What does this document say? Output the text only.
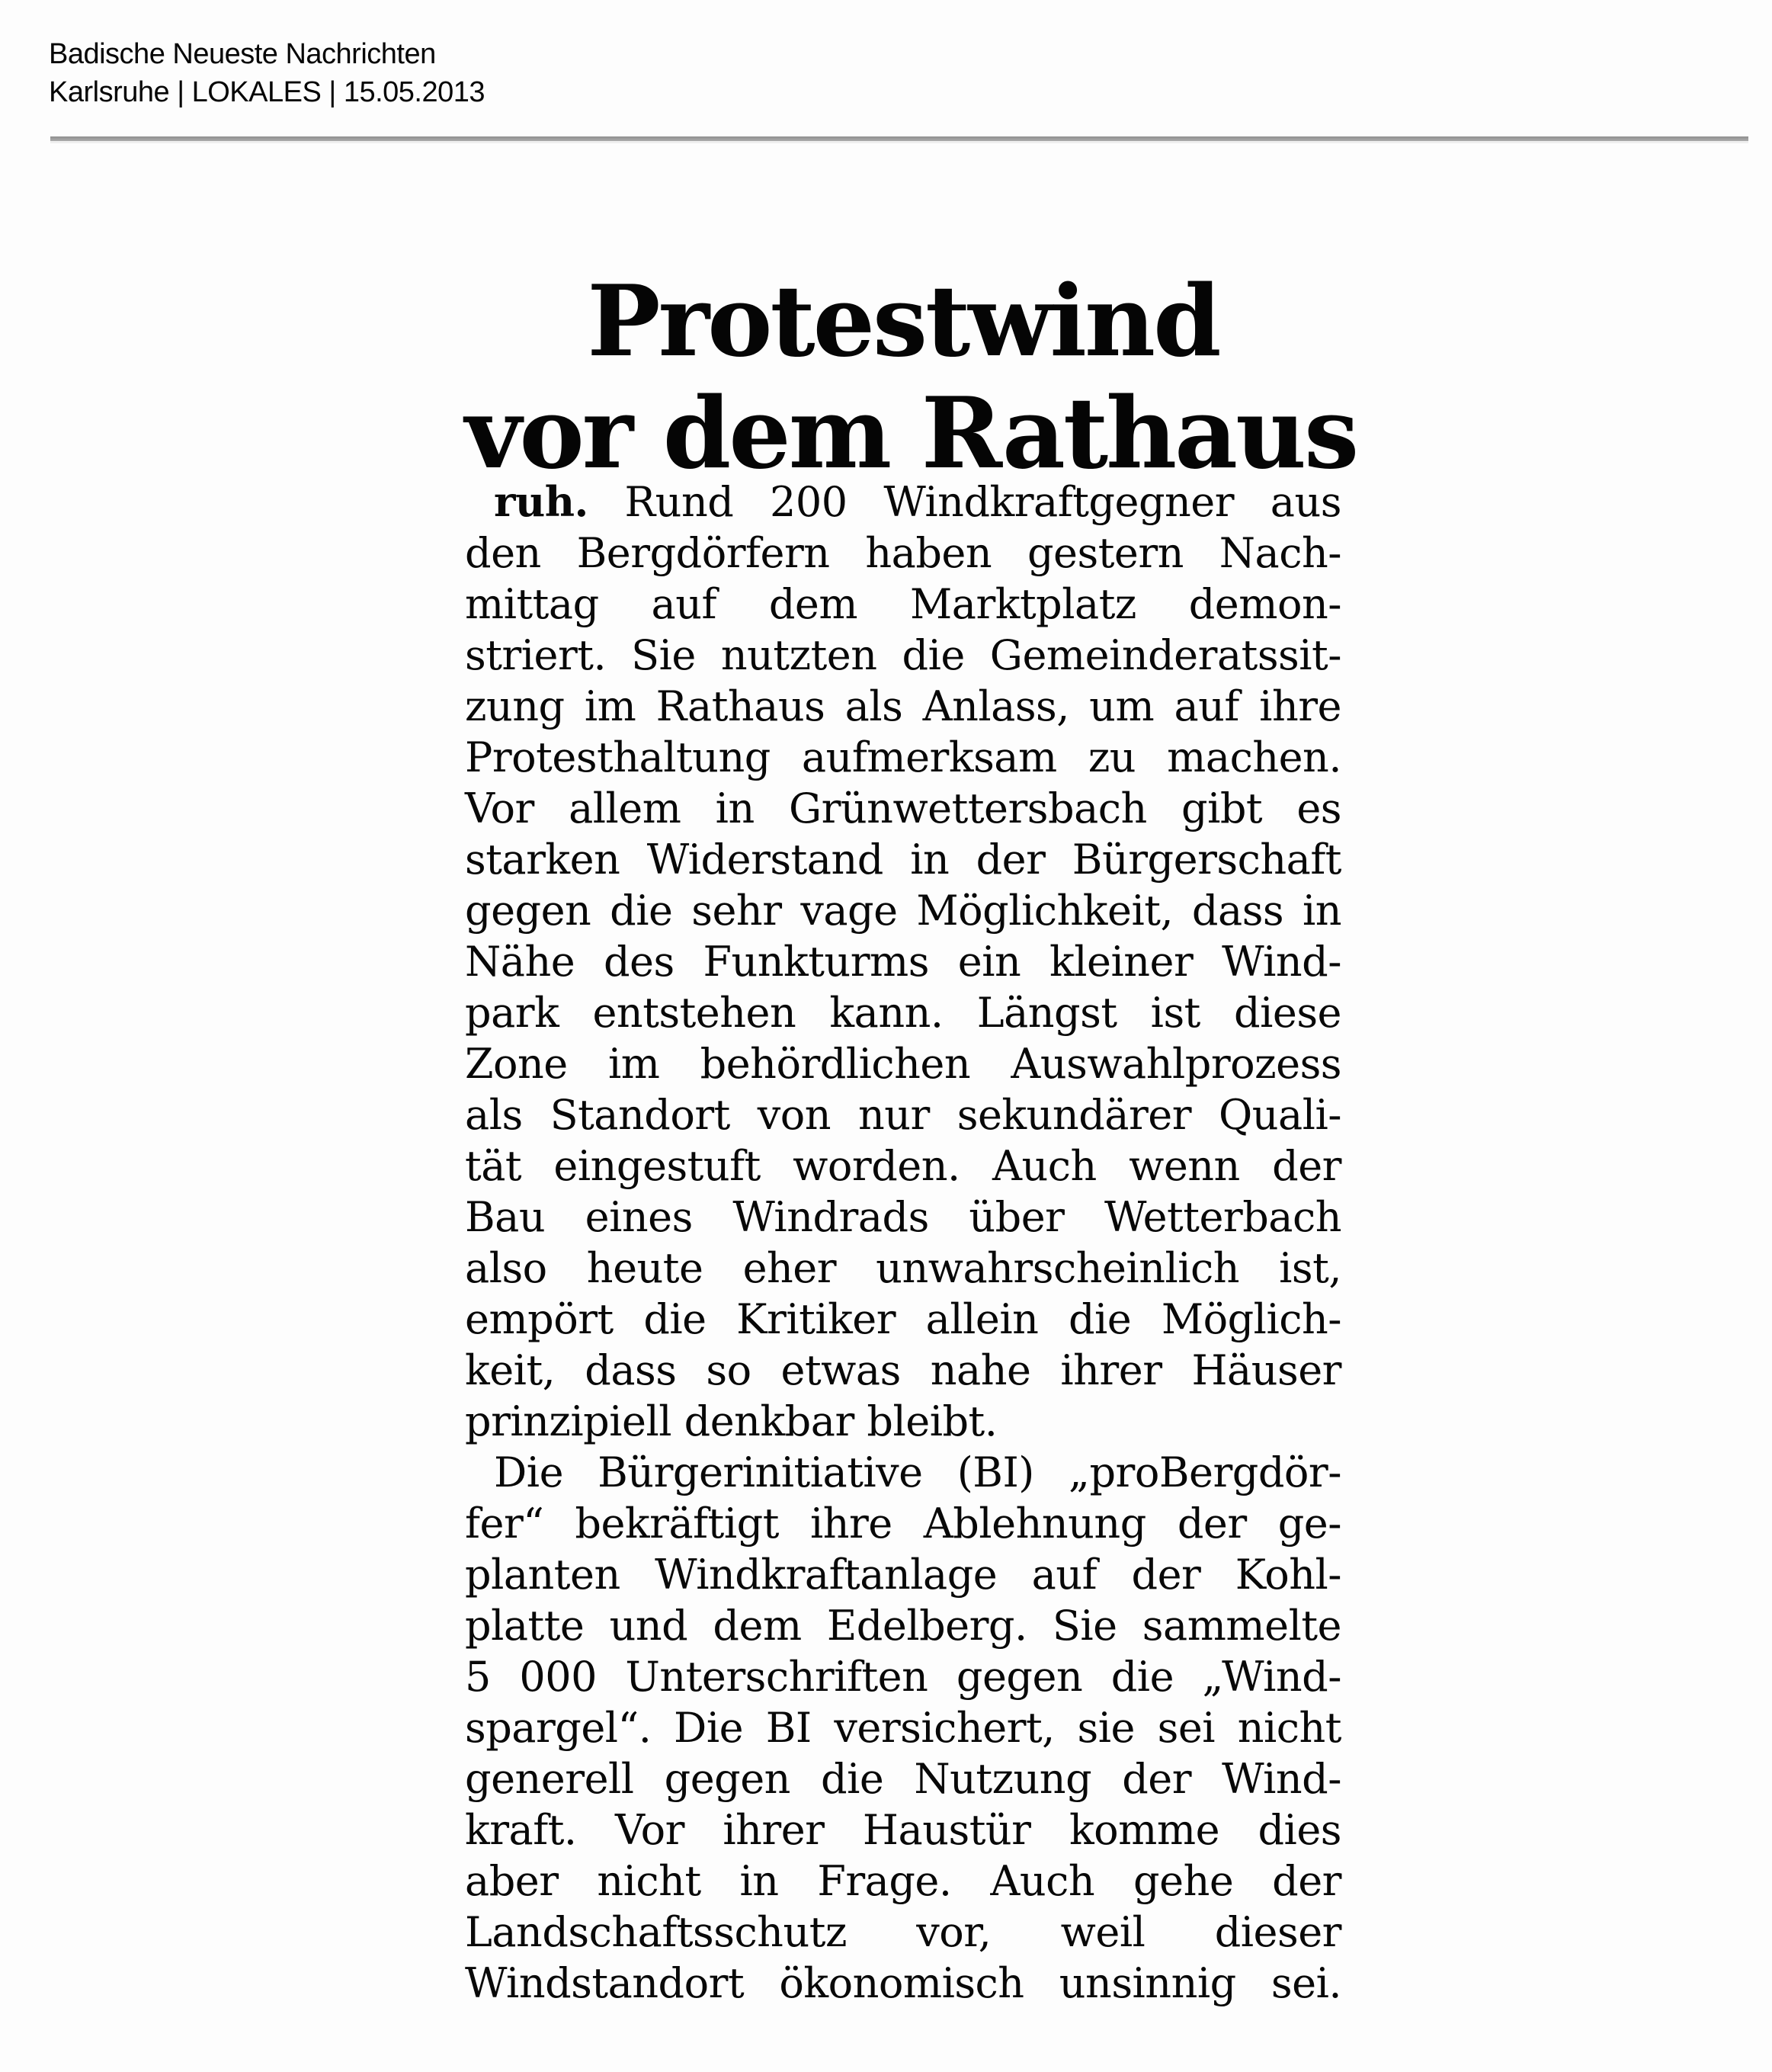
Badische Neueste Nachrichten
Karlsruhe | LOKALES | 15.05.2013
Protestwind
vor dem Rathaus

ruh. Rund 200 Windkraftgegner aus
den Bergdörfern haben gestern Nach-
mittag auf dem Marktplatz demon-
striert. Sie nutzten die Gemeinderatssit-
zung im Rathaus als Anlass, um auf ihre
Protesthaltung aufmerksam zu machen.
Vor allem in Grünwettersbach gibt es
starken Widerstand in der Bürgerschaft
gegen die sehr vage Möglichkeit, dass in
Nähe des Funkturms ein kleiner Wind-
park entstehen kann. Längst ist diese
Zone im behördlichen Auswahlprozess
als Standort von nur sekundärer Quali-
tät eingestuft worden. Auch wenn der
Bau eines Windrads über Wetterbach
also heute eher unwahrscheinlich ist,
empört die Kritiker allein die Möglich-
keit, dass so etwas nahe ihrer Häuser
prinzipiell denkbar bleibt.

Die Bürgerinitiative (BI) „proBergdör-
fer“ bekräftigt ihre Ablehnung der ge-
planten Windkraftanlage auf der Kohl-
platte und dem Edelberg. Sie sammelte
5 000 Unterschriften gegen die „Wind-
spargel“. Die BI versichert, sie sei nicht
generell gegen die Nutzung der Wind-
kraft. Vor ihrer Haustür komme dies
aber nicht in Frage. Auch gehe der
Landschaftsschutz vor, weil dieser
Windstandort ökonomisch unsinnig sei.
